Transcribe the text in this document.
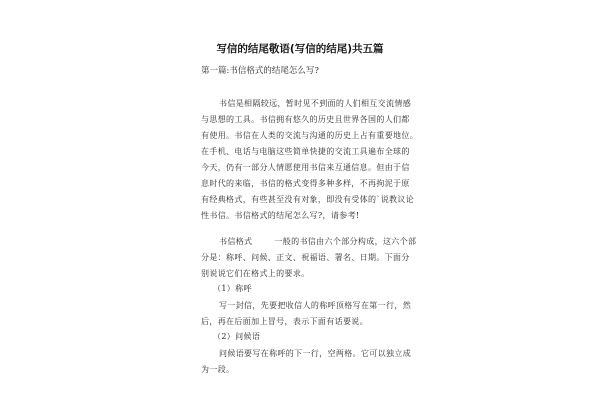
写信的结尾敬语(写信的结尾)共五篇
第一篇:书信格式的结尾怎么写?
书信是相隔较远，暂时见不到面的人们相互交流情感
与思想的工具。书信拥有悠久的历史且世界各国的人们都
有使用。书信在人类的交流与沟通的历史上占有重要地位。
在手机、电话与电脑这些简单快捷的交流工具遍布全球的
今天，仍有一部分人情愿使用书信来互通信息。但由于信
息时代的来临，书信的格式变得多种多样，不再拘泥于原
有经典格式，有些甚至没有对象，即没有受体的`说教议论
性书信。书信格式的结尾怎么写?，请参考!
书信格式	一般的书信由六个部分构成，这六个部
分是：称呼、问候、正文、祝福语、署名、日期。下面分
别说说它们在格式上的要求。
（1）称呼
写一封信，先要把收信人的称呼顶格写在第一行，然
后，再在后面加上冒号，表示下面有话要说。
（2）问候语
问候语要写在称呼的下一行，空两格。它可以独立成
为一段。
